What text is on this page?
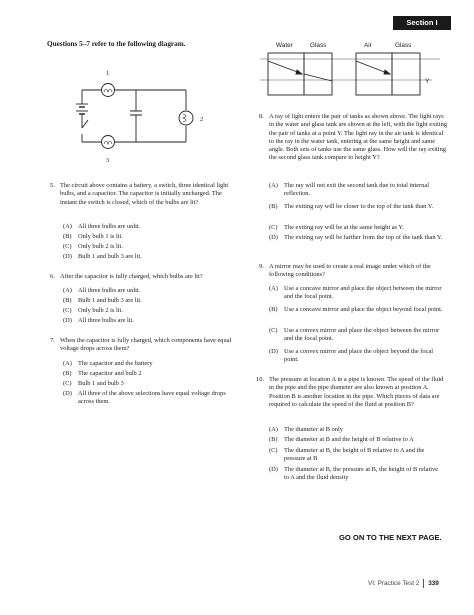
Section I
Questions 5–7 refer to the following diagram.
1
2
3
Water	Glass	Air	Glass
Y
5. The circuit above contains a battery, a switch, three identical light bulbs, and a capacitor. The capacitor is initially uncharged. The instant the switch is closed, which of the bulbs are lit?
(A) All three bulbs are unlit.
(B) Only bulb 1 is lit.
(C) Only bulb 2 is lit.
(D) Bulb 1 and bulb 3 are lit.
6. After the capacitor is fully charged, which bulbs are lit?
(A) All three bulbs are unlit.
(B) Bulb 1 and bulb 3 are lit.
(C) Only bulb 2 is lit.
(D) All three bulbs are lit.
7. When the capacitor is fully charged, which components have equal voltage drops across them?
(A) The capacitor and the battery
(B) The capacitor and bulb 2
(C) Bulb 1 and bulb 3
(D) All three of the above selections have equal voltage drops across them.
8. A ray of light enters the pair of tanks as shown above. The light rays in the water and glass tank are shown at the left, with the light exiting the pair of tanks at a point Y. The light ray in the air tank is identical to the ray in the water tank, entering at the same height and same angle. Both sets of tanks use the same glass. How will the ray exiting the second glass tank compare to height Y?
(A) The ray will not exit the second tank due to total internal reflection.
(B) The exiting ray will be closer to the top of the tank than Y.
(C) The exiting ray will be at the same height as Y.
(D) The exiting ray will be farther from the top of the tank than Y.
9. A mirror may be used to create a real image under which of the following conditions?
(A) Use a concave mirror and place the object between the mirror and the focal point.
(B) Use a concave mirror and place the object beyond focal point.
(C) Use a convex mirror and place the object between the mirror and the focal point.
(D) Use a convex mirror and place the object beyond the focal point.
10. The pressure at location A in a pipe is known. The speed of the fluid in the pipe and the pipe diameter are also known at position A. Position B is another location in the pipe. Which pieces of data are required to calculate the speed of the fluid at position B?
(A) The diameter at B only
(B) The diameter at B and the height of B relative to A
(C) The diameter at B, the height of B relative to A and the pressure at B
(D) The diameter at B, the pressure at B, the height of B relative to A and the fluid density
GO ON TO THE NEXT PAGE.
VI: Practice Test 2 339
